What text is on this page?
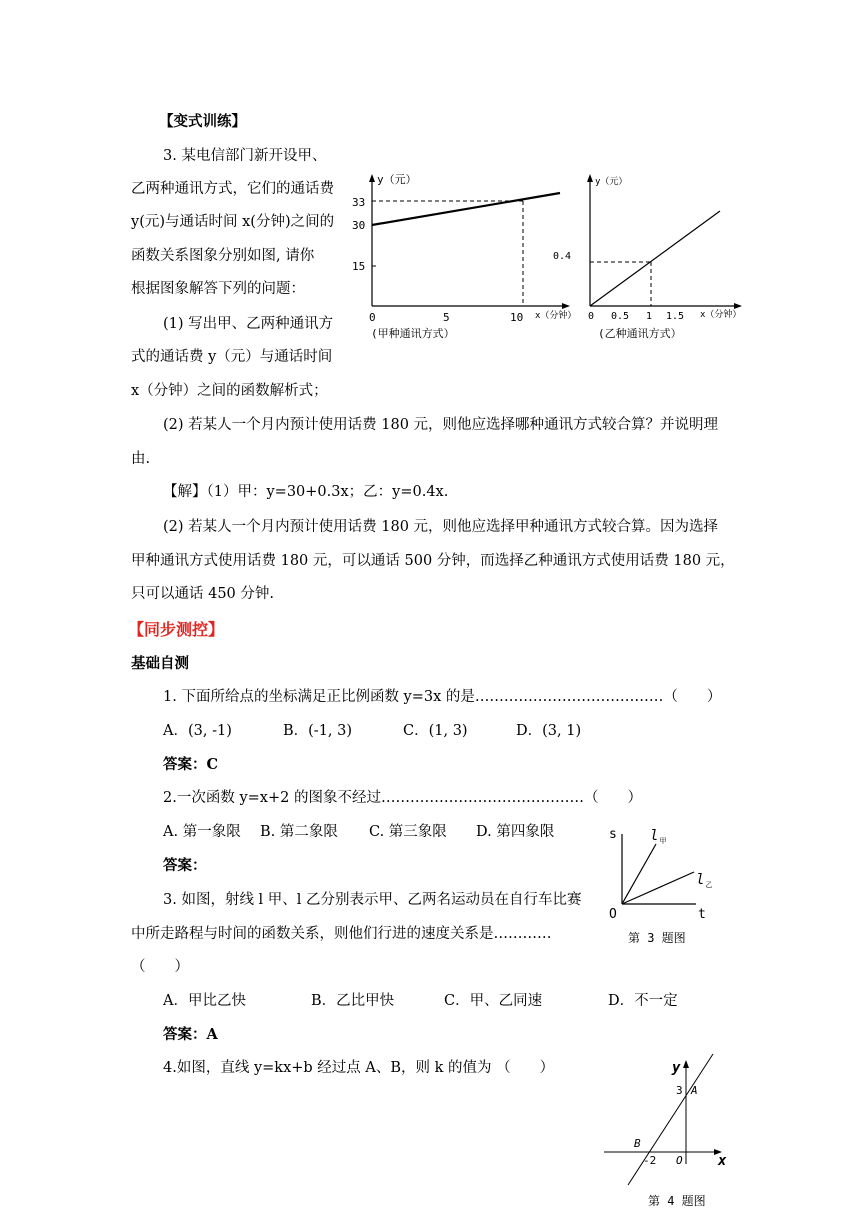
【变式训练】
3. 某电信部门新开设甲、
乙两种通讯方式，它们的通话费
y(元)与通话时间 x(分钟)之间的
函数关系图象分别如图, 请你
根据图象解答下列的问题：
(1) 写出甲、乙两种通讯方
式的通话费 y（元）与通话时间
x（分钟）之间的函数解析式；
(2) 若某人一个月内预计使用话费 180 元，则他应选择哪种通讯方式较合算？并说明理
由.
y（元）
33
30
15
0	5	10 x（分钟）
(甲种通讯方式）
y（元）
0.4
0 0.5 1 1.5 x（分钟）
(乙种通讯方式）
【解】（1）甲：y=30+0.3x；乙：y=0.4x.
(2) 若某人一个月内预计使用话费 180 元，则他应选择甲种通讯方式较合算。因为选择
甲种通讯方式使用话费 180 元，可以通话 500 分钟，而选择乙种通讯方式使用话费 180 元，
只可以通话 450 分钟.
【同步测控】
基础自测
1. 下面所给点的坐标满足正比例函数 y=3x 的是…………………………………（　　）
A．(3, -1)	B．(-1, 3)	C．(1, 3)	D．(3, 1)
答案：C
2.一次函数 y=x+2 的图象不经过……………………………………（　　）
A. 第一象限 B. 第二象限 C. 第三象限 D. 第四象限
答案：
3. 如图，射线 l 甲、l 乙分别表示甲、乙两名运动员在自行车比赛
中所走路程与时间的函数关系，则他们行进的速度关系是…………
（　　）
A．甲比乙快	B．乙比甲快	C．甲、乙同速	D．不一定
答案：A
s
O	t
$l_甲$
$l_乙$
第 3 题图
4.如图，直线 y=kx+b 经过点 A、B，则 k 的值为 （　　）	y
3 A
B
-2 O	x
第 4 题图
